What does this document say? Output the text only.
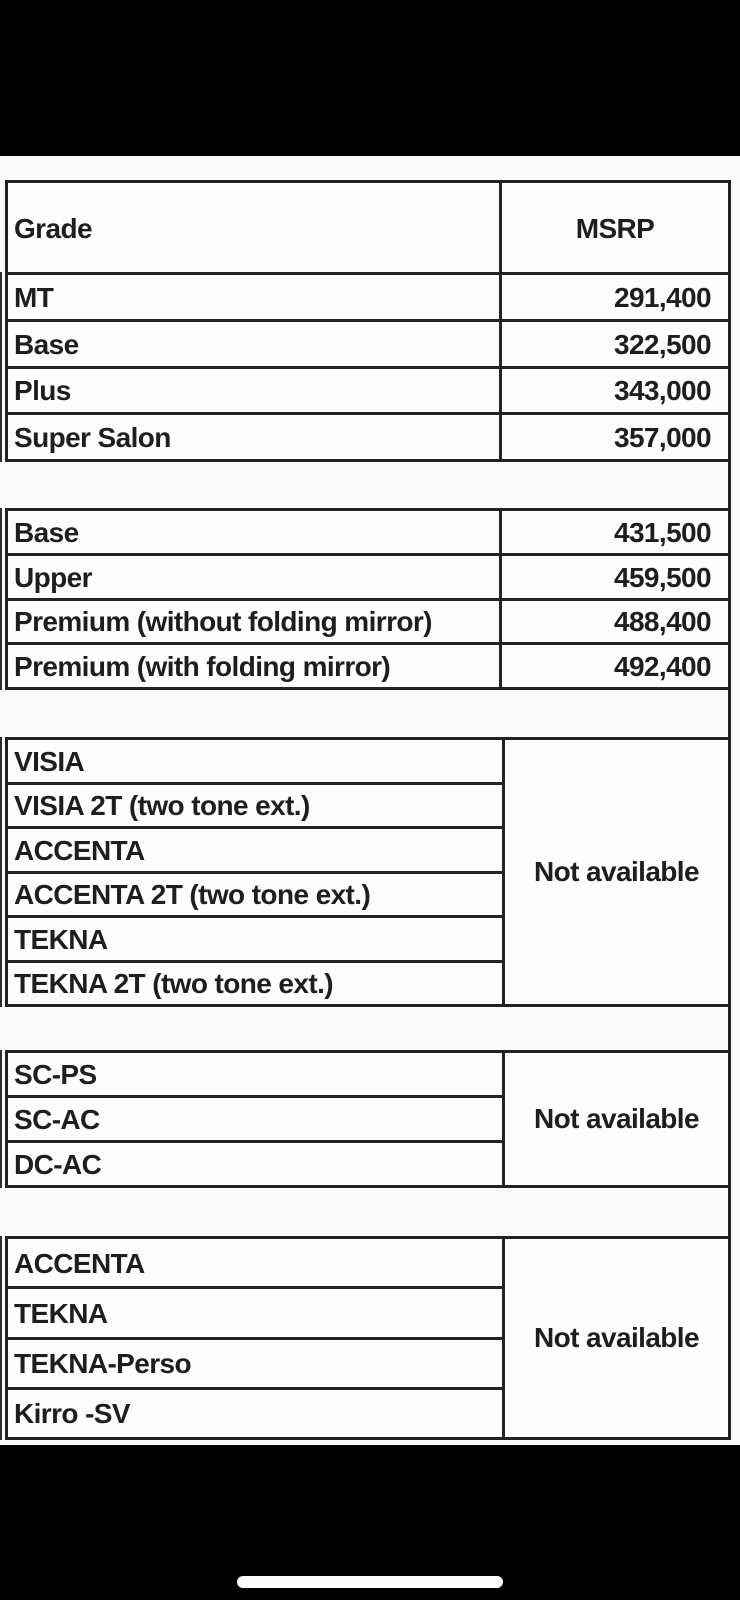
Grade	MSRP
MT	291,400
Base	322,500
Plus	343,000
Super Salon	357,000
Base	431,500
Upper	459,500
Premium (without folding mirror)	488,400
Premium (with folding mirror)	492,400
VISIA
VISIA 2T (two tone ext.)
ACCENTA
ACCENTA 2T (two tone ext.)
TEKNA
TEKNA 2T (two tone ext.)
Not available
SC-PS
SC-AC
DC-AC
Not available
ACCENTA
TEKNA
TEKNA-Perso
Kirro -SV
Not available
